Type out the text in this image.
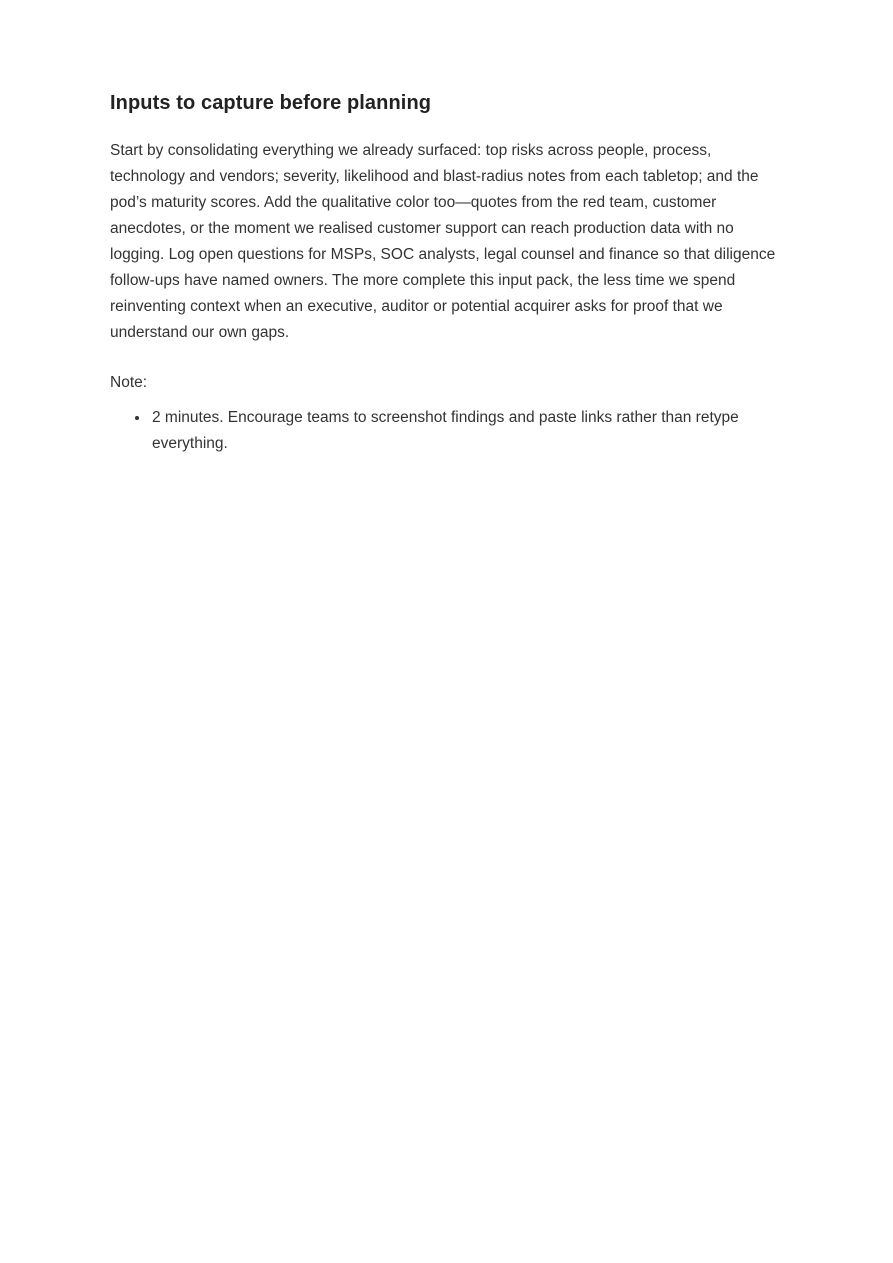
Inputs to capture before planning

Start by consolidating everything we already surfaced: top risks across people, process, technology and vendors; severity, likelihood and blast-radius notes from each tabletop; and the pod’s maturity scores. Add the qualitative color too—quotes from the red team, customer anecdotes, or the moment we realised customer support can reach production data with no logging. Log open questions for MSPs, SOC analysts, legal counsel and finance so that diligence follow-ups have named owners. The more complete this input pack, the less time we spend reinventing context when an executive, auditor or potential acquirer asks for proof that we understand our own gaps.

Note:

• 2 minutes. Encourage teams to screenshot findings and paste links rather than retype everything.
